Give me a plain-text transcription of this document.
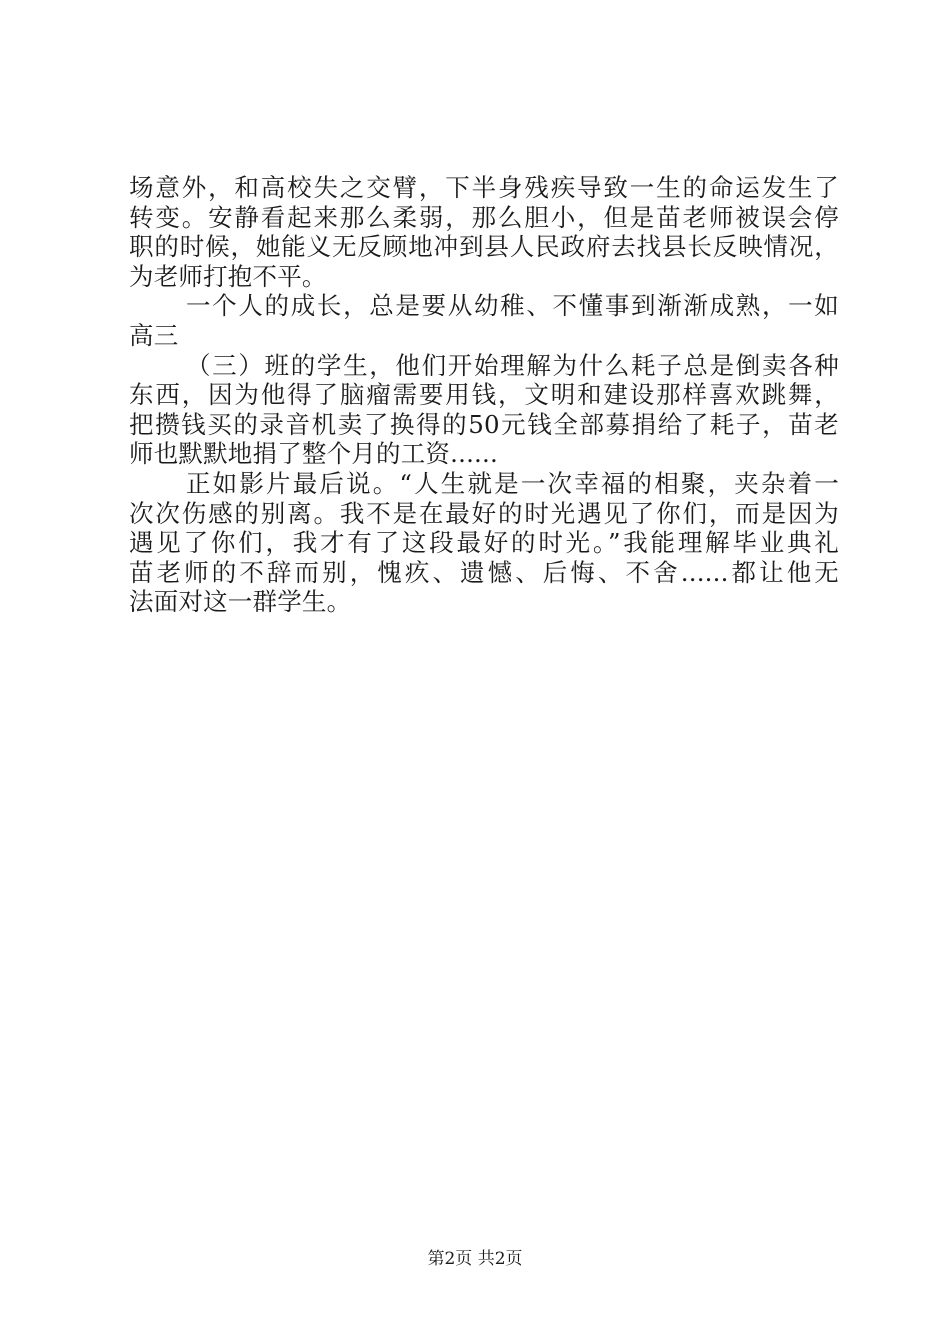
场意外，和高校失之交臂，下半身残疾导致一生的命运发生了
转变。安静看起来那么柔弱，那么胆小，但是苗老师被误会停
职的时候，她能义无反顾地冲到县人民政府去找县长反映情况，
为老师打抱不平。
一个人的成长，总是要从幼稚、不懂事到渐渐成熟，一如
高三
（三）班的学生，他们开始理解为什么耗子总是倒卖各种
东西，因为他得了脑瘤需要用钱，文明和建设那样喜欢跳舞，
把攒钱买的录音机卖了换得的50元钱全部募捐给了耗子，苗老
师也默默地捐了整个月的工资......
正如影片最后说。“人生就是一次幸福的相聚，夹杂着一
次次伤感的别离。我不是在最好的时光遇见了你们，而是因为
遇见了你们，我才有了这段最好的时光。”我能理解毕业典礼
苗老师的不辞而别，愧疚、遗憾、后悔、不舍......都让他无
法面对这一群学生。
第2页 共2页
